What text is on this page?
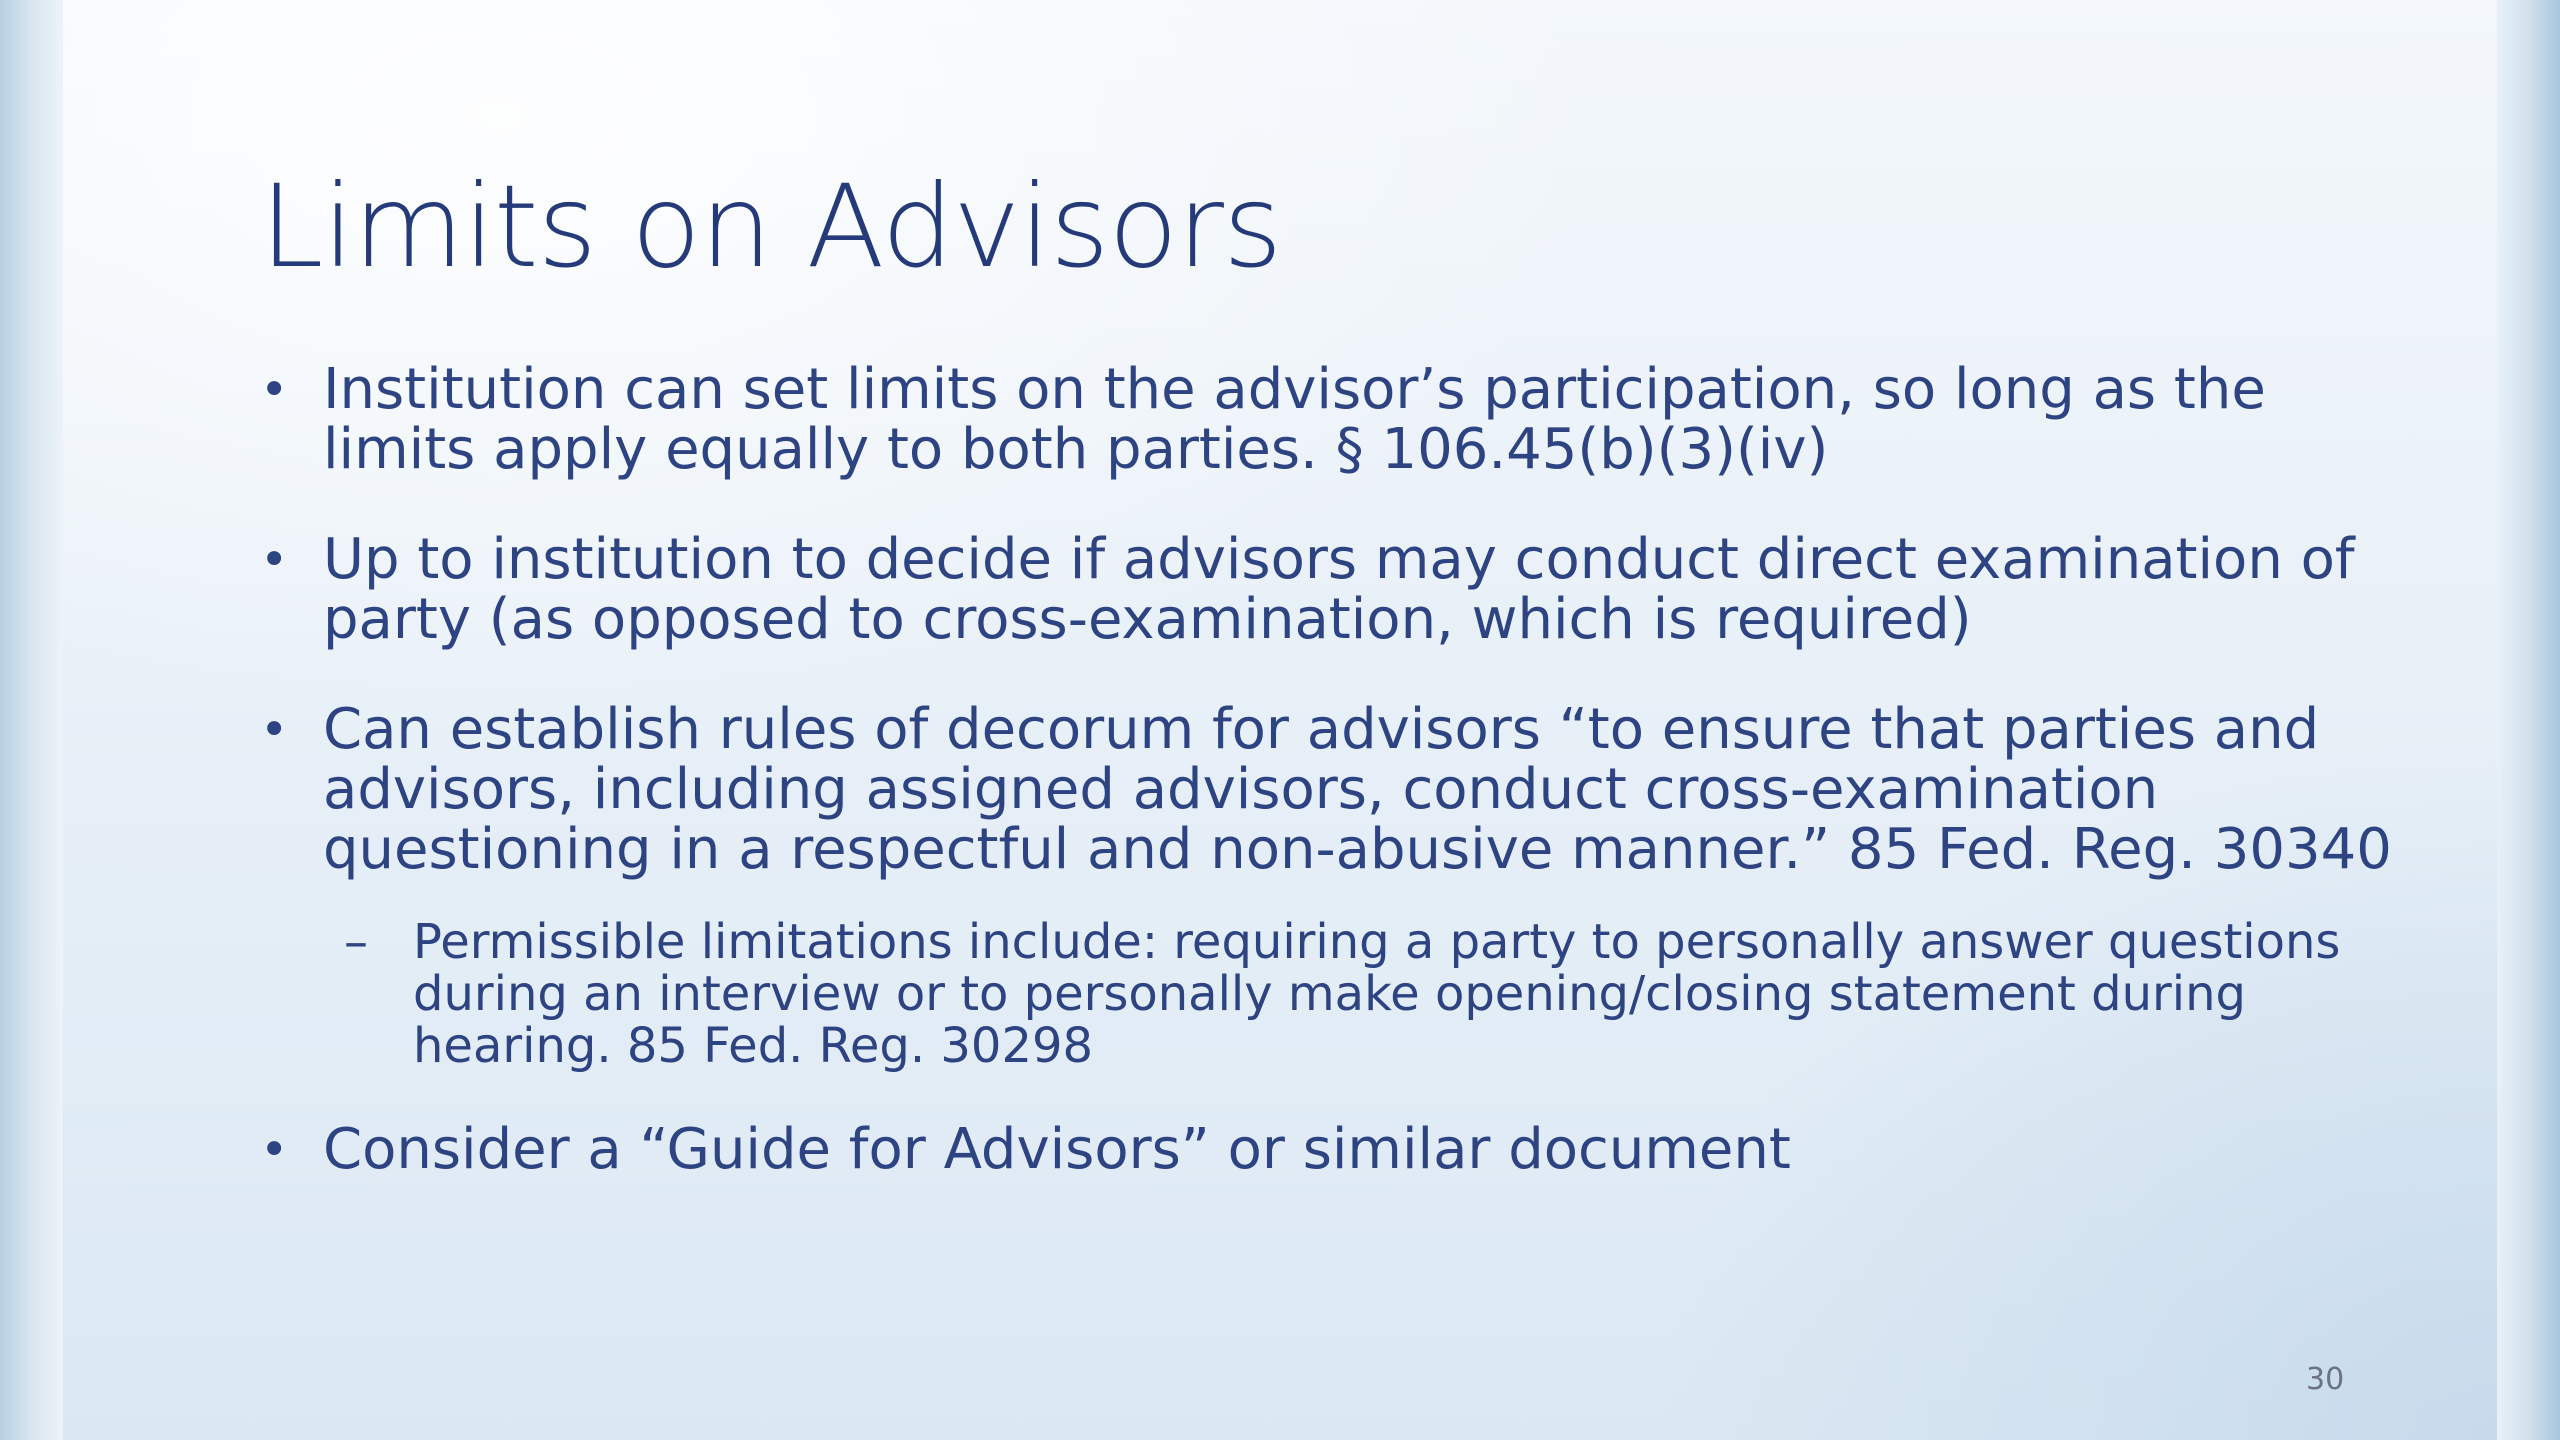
Limits on Advisors
• Institution can set limits on the advisor’s participation, so long as the limits apply equally to both parties. § 106.45(b)(3)(iv)
• Up to institution to decide if advisors may conduct direct examination of party (as opposed to cross-examination, which is required)
• Can establish rules of decorum for advisors “to ensure that parties and advisors, including assigned advisors, conduct cross-examination questioning in a respectful and non-abusive manner.” 85 Fed. Reg. 30340
– Permissible limitations include: requiring a party to personally answer questions during an interview or to personally make opening/closing statement during hearing. 85 Fed. Reg. 30298
• Consider a “Guide for Advisors” or similar document
30
